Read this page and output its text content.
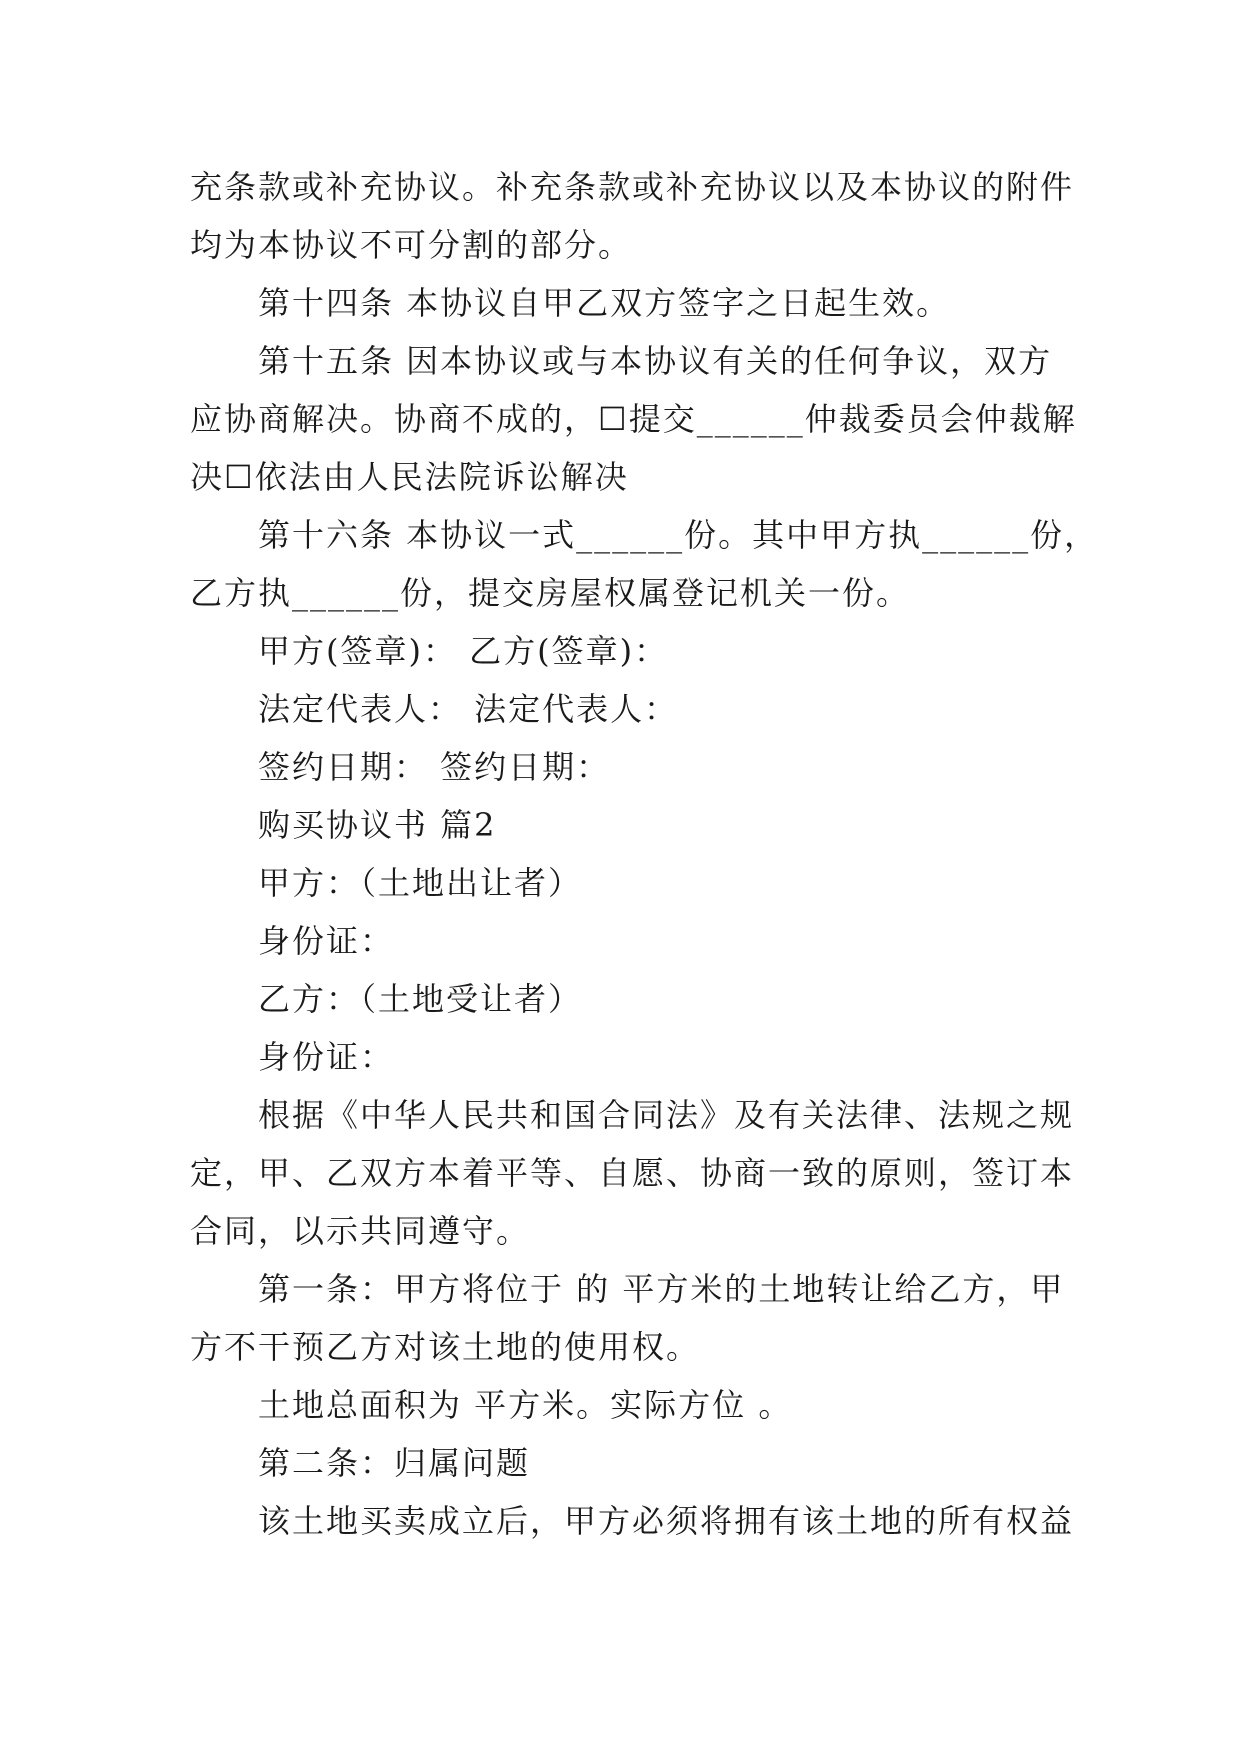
充条款或补充协议。补充条款或补充协议以及本协议的附件
均为本协议不可分割的部分。
第十四条 本协议自甲乙双方签字之日起生效。
第十五条 因本协议或与本协议有关的任何争议，双方
应协商解决。协商不成的，☐提交______仲裁委员会仲裁解
决☐依法由人民法院诉讼解决
第十六条 本协议一式______份。其中甲方执______份，
乙方执______份，提交房屋权属登记机关一份。
甲方(签章)： 乙方(签章)：
法定代表人： 法定代表人：
签约日期： 签约日期：
购买协议书 篇2
甲方：（土地出让者）
身份证：
乙方：（土地受让者）
身份证：
根据《中华人民共和国合同法》及有关法律、法规之规
定，甲、乙双方本着平等、自愿、协商一致的原则，签订本
合同，以示共同遵守。
第一条：甲方将位于 的 平方米的土地转让给乙方，甲
方不干预乙方对该土地的使用权。
土地总面积为 平方米。实际方位 。
第二条：归属问题
该土地买卖成立后，甲方必须将拥有该土地的所有权益
